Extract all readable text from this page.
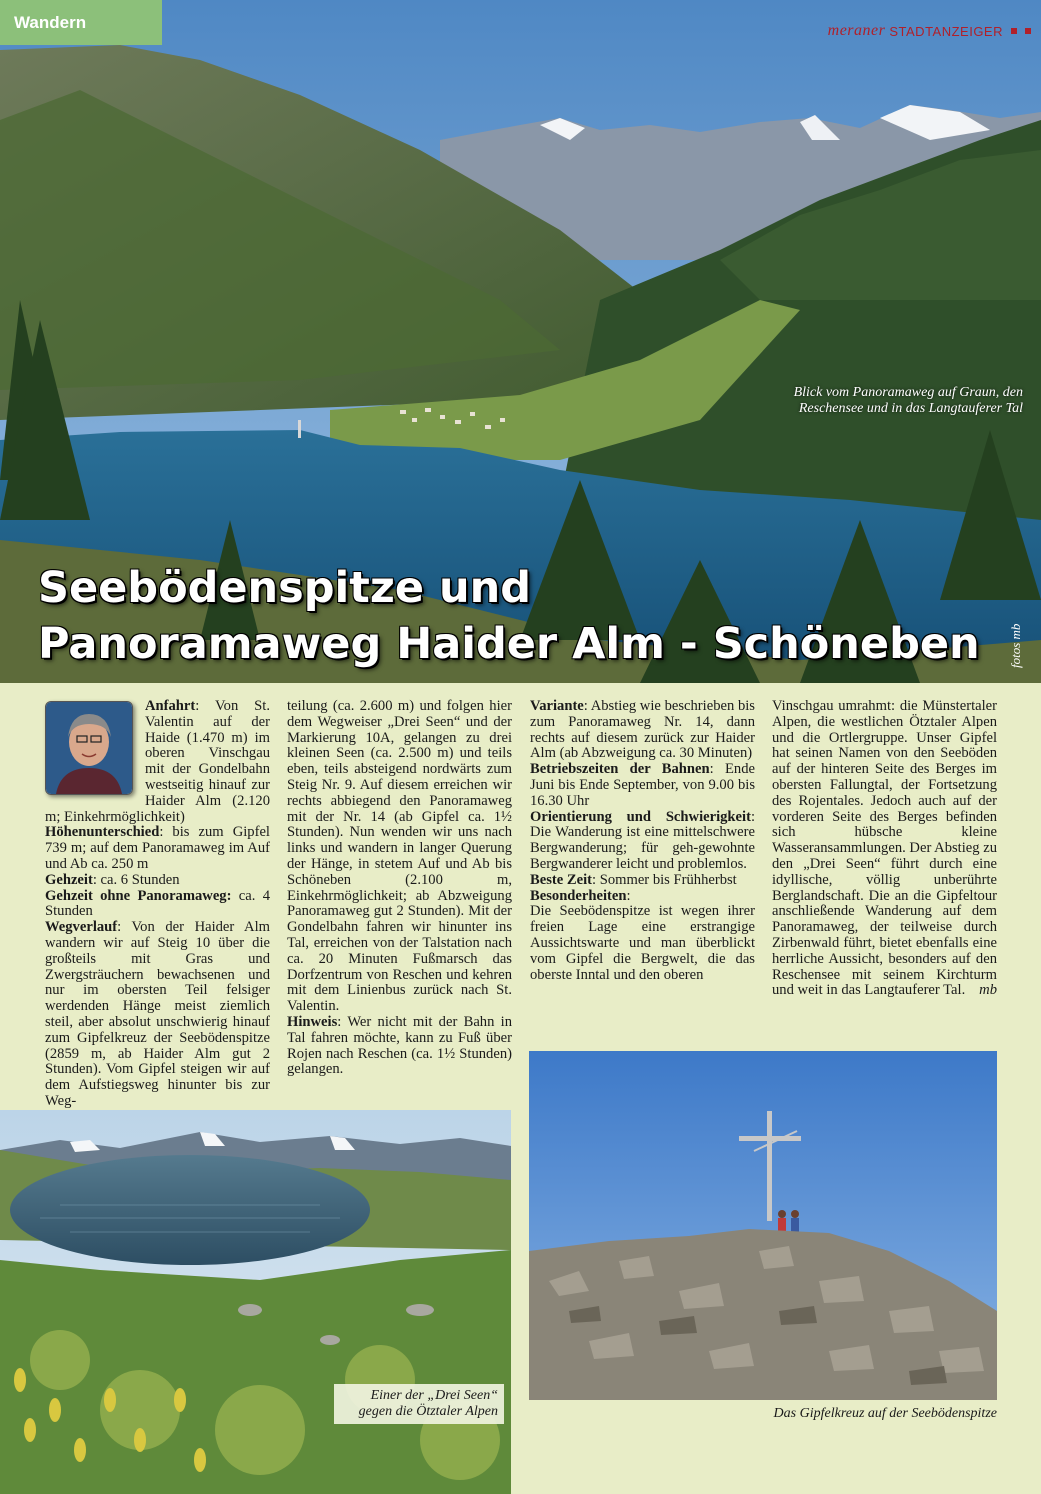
Wandern	meraner STADTANZEIGER
Blick vom Panoramaweg auf Graun, den Reschensee und in das Langtauferer Tal
Seebödenspitze und
Panoramaweg Haider Alm - Schöneben fotos mb

Anfahrt: Von St. Valentin auf der Haide (1.470 m) im oberen Vinschgau mit der Gondelbahn westseitig hinauf zur Haider Alm (2.120 m; Einkehrmöglichkeit)

Höhenunterschied: bis zum Gipfel 739 m; auf dem Panoramaweg im Auf und Ab ca. 250 m

Gehzeit: ca. 6 Stunden

Gehzeit ohne Panoramaweg: ca. 4 Stunden

Wegverlauf: Von der Haider Alm wandern wir auf Steig 10 über die großteils mit Gras und Zwergsträuchern bewachsenen und nur im obersten Teil felsiger werdenden Hänge meist ziemlich steil, aber absolut unschwierig hinauf zum Gipfelkreuz der Seebödenspitze (2859 m, ab Haider Alm gut 2 Stunden). Vom Gipfel steigen wir auf dem Aufstiegsweg hinunter bis zur Weg-

teilung (ca. 2.600 m) und folgen hier dem Wegweiser „Drei Seen“ und der Markierung 10A, gelangen zu drei kleinen Seen (ca. 2.500 m) und teils eben, teils absteigend nordwärts zum Steig Nr. 9. Auf diesem erreichen wir rechts abbiegend den Panoramaweg mit der Nr. 14 (ab Gipfel ca. 1½ Stunden). Nun wenden wir uns nach links und wandern in langer Querung der Hänge, in stetem Auf und Ab bis Schöneben (2.100 m, Einkehrmöglichkeit; ab Abzweigung Panoramaweg gut 2 Stunden). Mit der Gondelbahn fahren wir hinunter ins Tal, erreichen von der Talstation nach ca. 20 Minuten Fußmarsch das Dorfzentrum von Reschen und kehren mit dem Linienbus zurück nach St. Valentin.

Hinweis: Wer nicht mit der Bahn in Tal fahren möchte, kann zu Fuß über Rojen nach Reschen (ca. 1½ Stunden) gelangen.

Variante: Abstieg wie beschrieben bis zum Panoramaweg Nr. 14, dann rechts auf diesem zurück zur Haider Alm (ab Abzweigung ca. 30 Minuten)

Betriebszeiten der Bahnen: Ende Juni bis Ende September, von 9.00 bis 16.30 Uhr

Orientierung und Schwierigkeit: Die Wanderung ist eine mittelschwere Bergwanderung; für geh-gewohnte Bergwanderer leicht und problemlos.

Beste Zeit: Sommer bis Frühherbst

Besonderheiten:

Die Seebödenspitze ist wegen ihrer freien Lage eine erstrangige Aussichtswarte und man überblickt vom Gipfel die Bergwelt, die das oberste Inntal und den oberen

Vinschgau umrahmt: die Münstertaler Alpen, die westlichen Ötztaler Alpen und die Ortlergruppe. Unser Gipfel hat seinen Namen von den Seeböden auf der hinteren Seite des Berges im obersten Fallungtal, der Fortsetzung des Rojentales. Jedoch auch auf der vorderen Seite des Berges befinden sich hübsche kleine Wasseransammlungen. Der Abstieg zu den „Drei Seen“ führt durch eine idyllische, völlig unberührte Berglandschaft. Die an die Gipfeltour anschließende Wanderung auf dem Panoramaweg, der teilweise durch Zirbenwald führt, bietet ebenfalls eine herrliche Aussicht, besonders auf den Reschensee mit seinem Kirchturm und weit in das Langtauferer Tal. mb

Einer der „Drei Seen“ gegen die Ötztaler Alpen	Das Gipfelkreuz auf der Seebödenspitze
